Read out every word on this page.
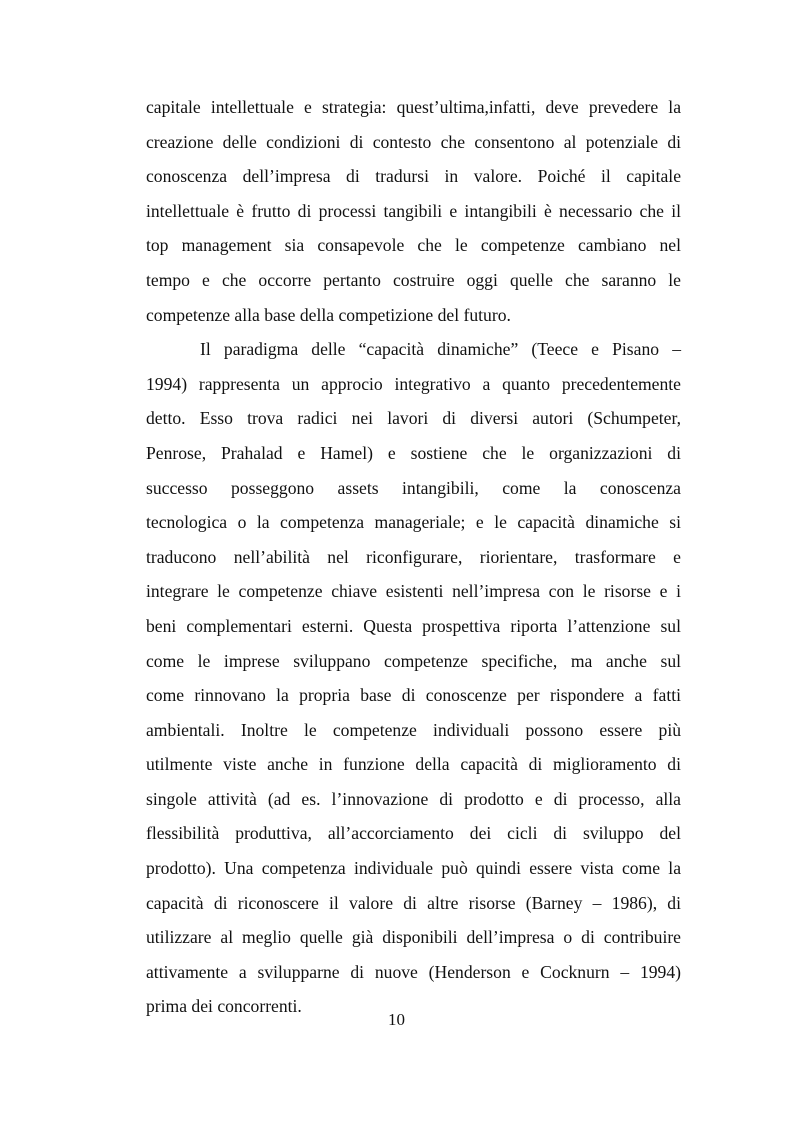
capitale intellettuale e strategia: quest’ultima,infatti, deve prevedere la
creazione delle condizioni di contesto che consentono al potenziale di
conoscenza dell’impresa di tradursi in valore. Poiché il capitale
intellettuale è frutto di processi tangibili e intangibili è necessario che il
top management sia consapevole che le competenze cambiano nel
tempo e che occorre pertanto costruire oggi quelle che saranno le
competenze alla base della competizione del futuro.
Il paradigma delle “capacità dinamiche” (Teece e Pisano –
1994) rappresenta un approcio integrativo a quanto precedentemente
detto. Esso trova radici nei lavori di diversi autori (Schumpeter,
Penrose, Prahalad e Hamel) e sostiene che le organizzazioni di
successo posseggono assets intangibili, come la conoscenza
tecnologica o la competenza manageriale; e le capacità dinamiche si
traducono nell’abilità nel riconfigurare, riorientare, trasformare e
integrare le competenze chiave esistenti nell’impresa con le risorse e i
beni complementari esterni. Questa prospettiva riporta l’attenzione sul
come le imprese sviluppano competenze specifiche, ma anche sul
come rinnovano la propria base di conoscenze per rispondere a fatti
ambientali. Inoltre le competenze individuali possono essere più
utilmente viste anche in funzione della capacità di miglioramento di
singole attività (ad es. l’innovazione di prodotto e di processo, alla
flessibilità produttiva, all’accorciamento dei cicli di sviluppo del
prodotto). Una competenza individuale può quindi essere vista come la
capacità di riconoscere il valore di altre risorse (Barney – 1986), di
utilizzare al meglio quelle già disponibili dell’impresa o di contribuire
attivamente a svilupparne di nuove (Henderson e Cocknurn – 1994)
prima dei concorrenti.
10
